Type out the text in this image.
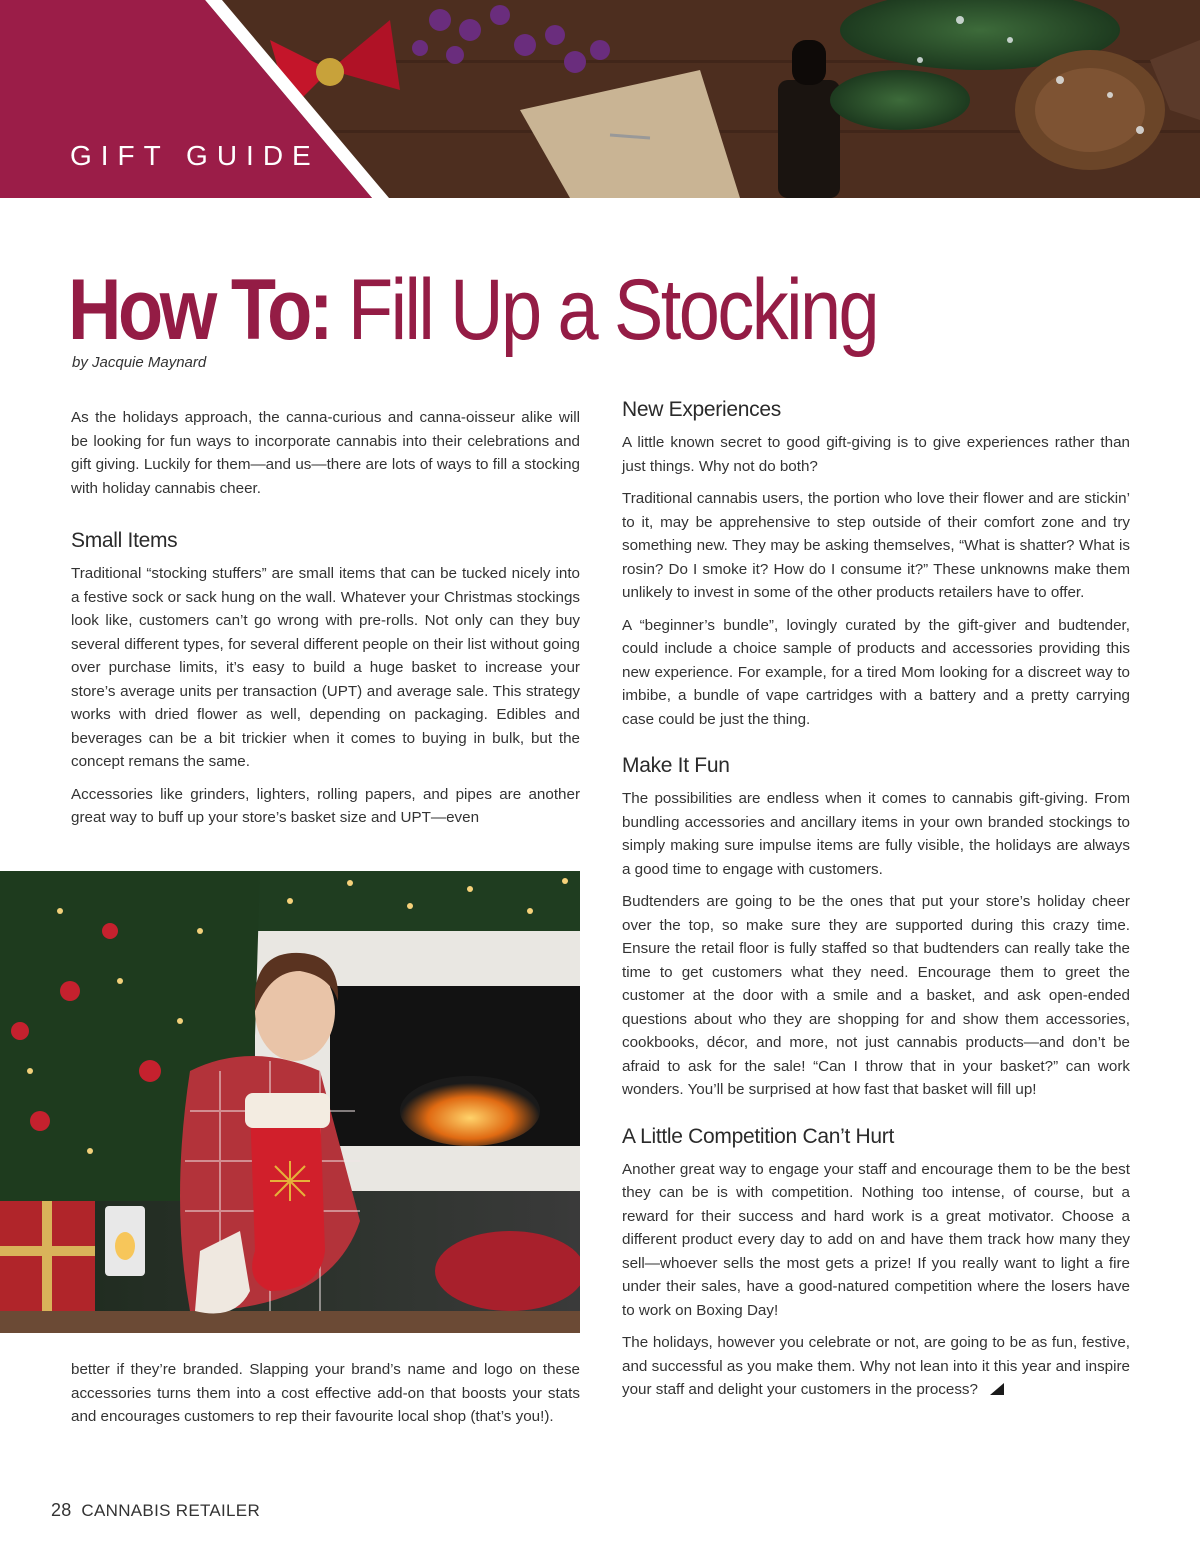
GIFT GUIDE
How To: Fill Up a Stocking
by Jacquie Maynard

As the holidays approach, the canna-curious and canna-oisseur alike will be looking for fun ways to incorporate cannabis into their celebrations and gift giving. Luckily for them—and us—there are lots of ways to fill a stocking with holiday cannabis cheer.

Small Items

Traditional “stocking stuffers” are small items that can be tucked nicely into a festive sock or sack hung on the wall. Whatever your Christmas stockings look like, customers can’t go wrong with pre-rolls. Not only can they buy several different types, for several different people on their list without going over purchase limits, it’s easy to build a huge basket to increase your store’s average units per transaction (UPT) and average sale. This strategy works with dried flower as well, depending on packaging. Edibles and beverages can be a bit trickier when it comes to buying in bulk, but the concept remans the same.

Accessories like grinders, lighters, rolling papers, and pipes are another great way to buff up your store’s basket size and UPT—even

better if they’re branded. Slapping your brand’s name and logo on these accessories turns them into a cost effective add-on that boosts your stats and encourages customers to rep their favourite local shop (that’s you!).

New Experiences

A little known secret to good gift-giving is to give experiences rather than just things. Why not do both?

Traditional cannabis users, the portion who love their flower and are stickin’ to it, may be apprehensive to step outside of their comfort zone and try something new. They may be asking themselves, “What is shatter? What is rosin? Do I smoke it? How do I consume it?” These unknowns make them unlikely to invest in some of the other products retailers have to offer.

A “beginner’s bundle”, lovingly curated by the gift-giver and budtender, could include a choice sample of products and accessories providing this new experience. For example, for a tired Mom looking for a discreet way to imbibe, a bundle of vape cartridges with a battery and a pretty carrying case could be just the thing.

Make It Fun

The possibilities are endless when it comes to cannabis gift-giving. From bundling accessories and ancillary items in your own branded stockings to simply making sure impulse items are fully visible, the holidays are always a good time to engage with customers.

Budtenders are going to be the ones that put your store’s holiday cheer over the top, so make sure they are supported during this crazy time. Ensure the retail floor is fully staffed so that budtenders can really take the time to get customers what they need. Encourage them to greet the customer at the door with a smile and a basket, and ask open-ended questions about who they are shopping for and show them accessories, cookbooks, décor, and more, not just cannabis products—and don’t be afraid to ask for the sale! “Can I throw that in your basket?” can work wonders. You’ll be surprised at how fast that basket will fill up!

A Little Competition Can’t Hurt

Another great way to engage your staff and encourage them to be the best they can be is with competition. Nothing too intense, of course, but a reward for their success and hard work is a great motivator. Choose a different product every day to add on and have them track how many they sell—whoever sells the most gets a prize! If you really want to light a fire under their sales, have a good-natured competition where the losers have to work on Boxing Day!

The holidays, however you celebrate or not, are going to be as fun, festive, and successful as you make them. Why not lean into it this year and inspire your staff and delight your customers in the process?

28 CANNABIS RETAILER
